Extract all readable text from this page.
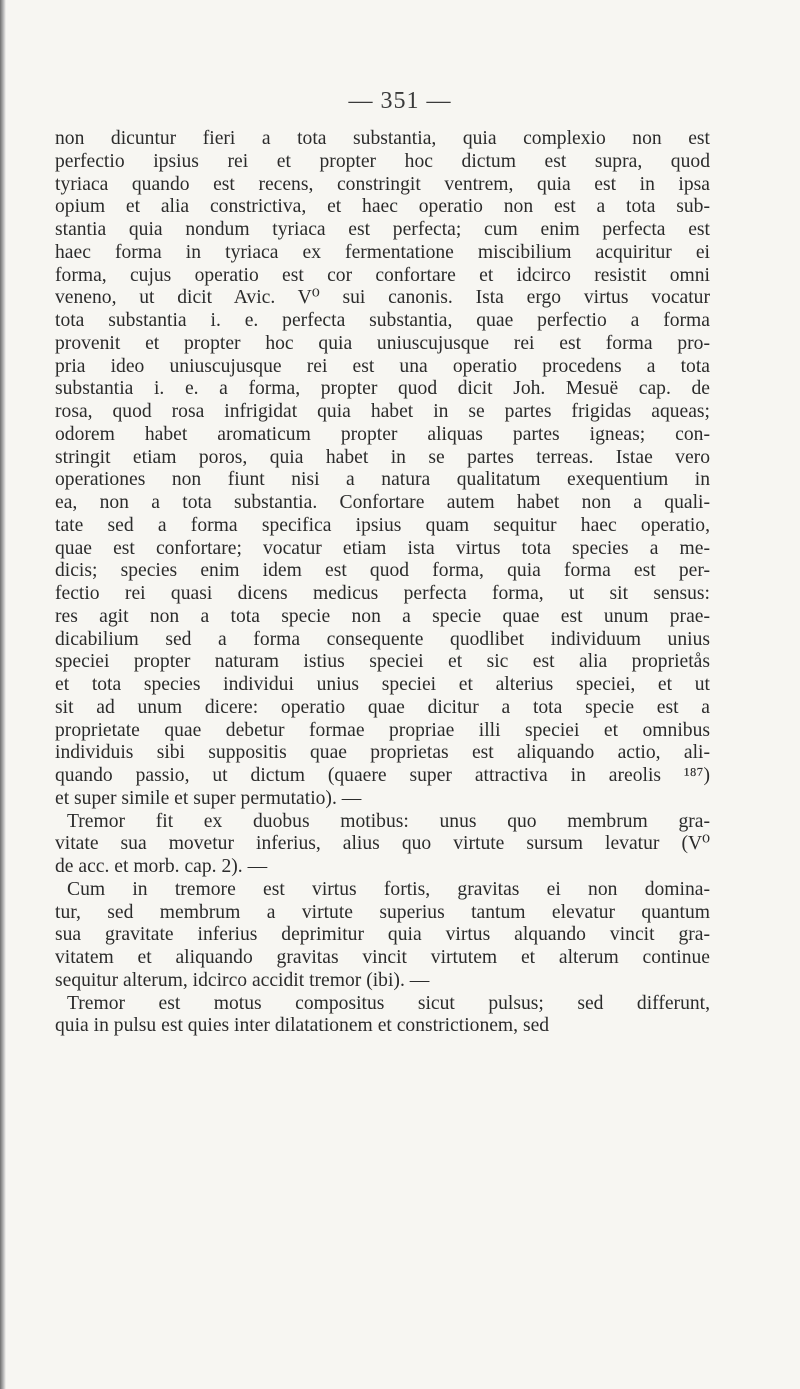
— 351 —
non dicuntur fieri a tota substantia, quia complexio non est
perfectio ipsius rei et propter hoc dictum est supra, quod
tyriaca quando est recens, constringit ventrem, quia est in ipsa
opium et alia constrictiva, et haec operatio non est a tota sub-
stantia quia nondum tyriaca est perfecta; cum enim perfecta est
haec forma in tyriaca ex fermentatione miscibilium acquiritur ei
forma, cujus operatio est cor confortare et idcirco resistit omni
veneno, ut dicit Avic. V⁰ sui canonis. Ista ergo virtus vocatur
tota substantia i. e. perfecta substantia, quae perfectio a forma
provenit et propter hoc quia uniuscujusque rei est forma pro-
pria ideo uniuscujusque rei est una operatio procedens a tota
substantia i. e. a forma, propter quod dicit Joh. Mesuë cap. de
rosa, quod rosa infrigidat quia habet in se partes frigidas aqueas;
odorem habet aromaticum propter aliquas partes igneas; con-
stringit etiam poros, quia habet in se partes terreas. Istae vero
operationes non fiunt nisi a natura qualitatum exequentium in
ea, non a tota substantia. Confortare autem habet non a quali-
tate sed a forma specifica ipsius quam sequitur haec operatio,
quae est confortare; vocatur etiam ista virtus tota species a me-
dicis; species enim idem est quod forma, quia forma est per-
fectio rei quasi dicens medicus perfecta forma, ut sit sensus:
res agit non a tota specie non a specie quae est unum prae-
dicabilium sed a forma consequente quodlibet individuum unius
speciei propter naturam istius speciei et sic est alia proprietås
et tota species individui unius speciei et alterius speciei, et ut
sit ad unum dicere: operatio quae dicitur a tota specie est a
proprietate quae debetur formae propriae illi speciei et omnibus
individuis sibi suppositis quae proprietas est aliquando actio, ali-
quando passio, ut dictum (quaere super attractiva in areolis ¹⁸⁷)
et super simile et super permutatio). —
Tremor fit ex duobus motibus: unus quo membrum gra-
vitate sua movetur inferius, alius quo virtute sursum levatur (V⁰
de acc. et morb. cap. 2). —
Cum in tremore est virtus fortis, gravitas ei non domina-
tur, sed membrum a virtute superius tantum elevatur quantum
sua gravitate inferius deprimitur quia virtus alquando vincit gra-
vitatem et aliquando gravitas vincit virtutem et alterum continue
sequitur alterum, idcirco accidit tremor (ibi). —
Tremor est motus compositus sicut pulsus; sed differunt,
quia in pulsu est quies inter dilatationem et constrictionem, sed
